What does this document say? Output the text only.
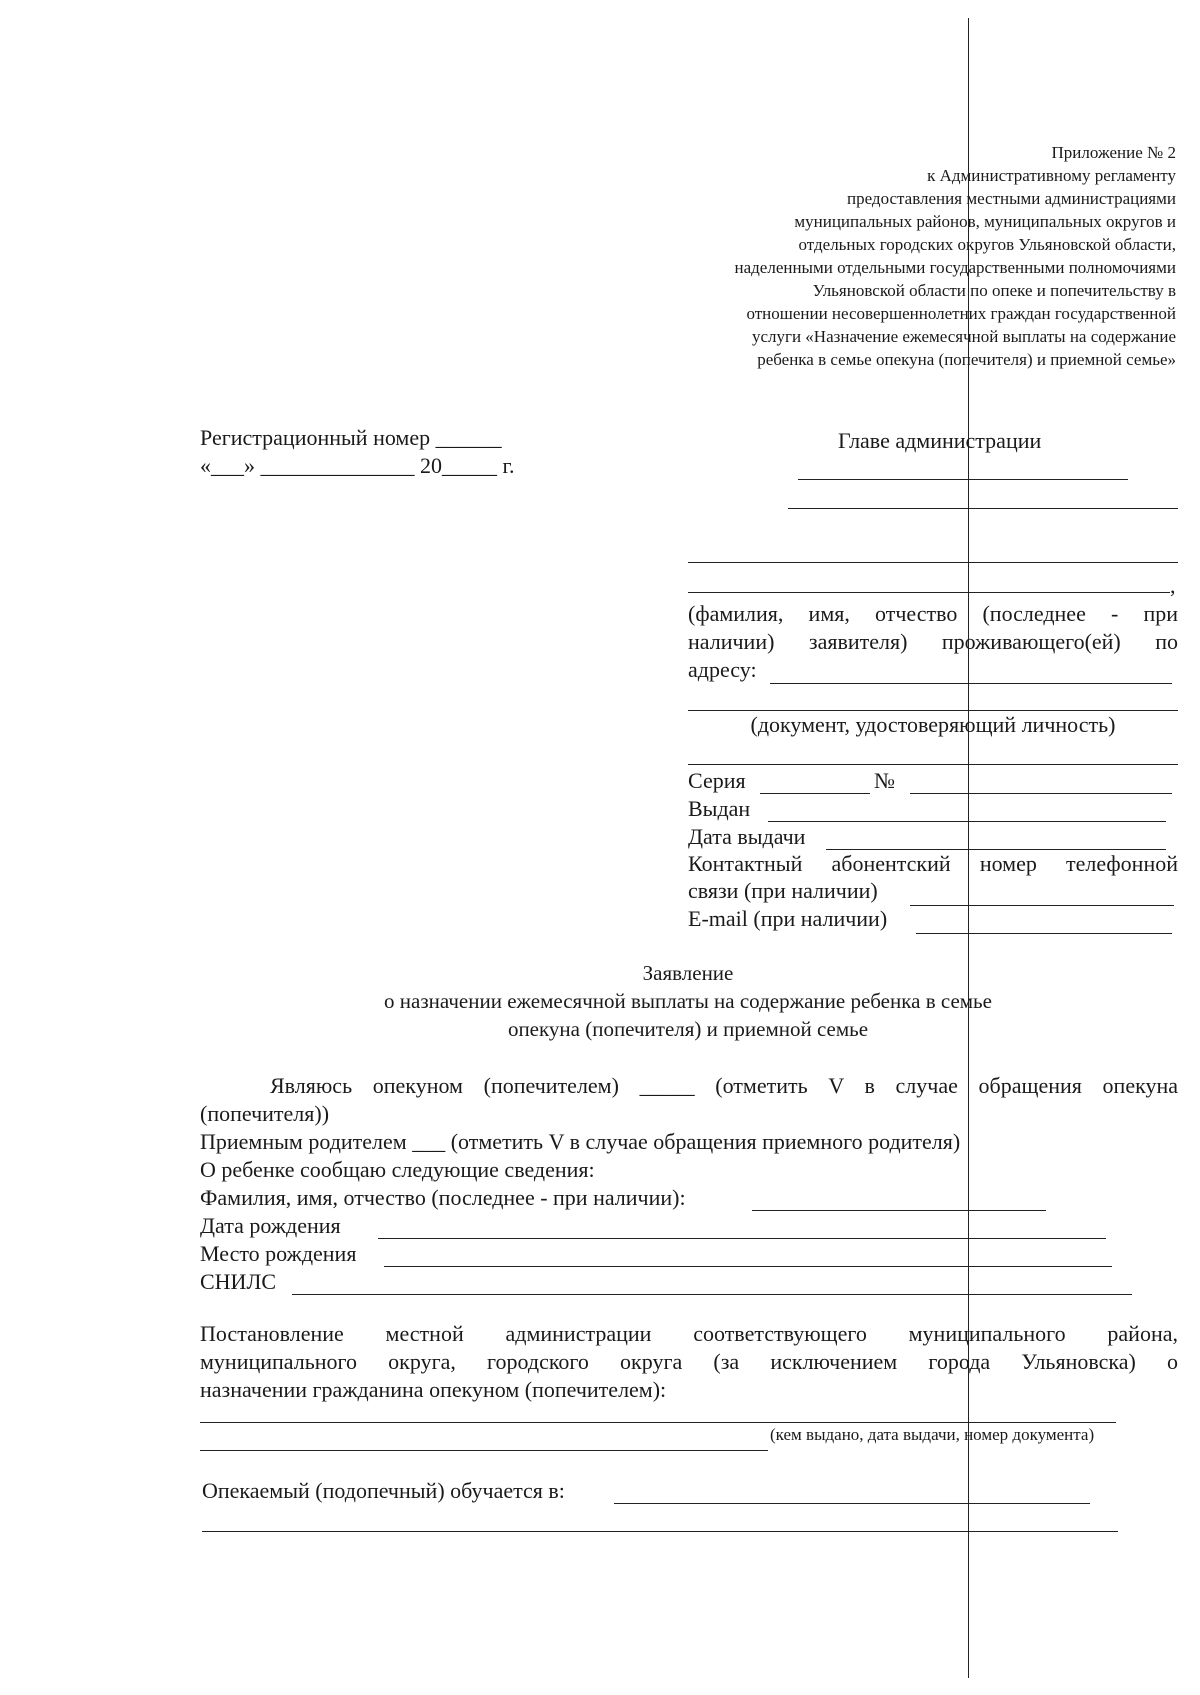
Приложение № 2
к Административному регламенту
предоставления местными администрациями
муниципальных районов, муниципальных округов и
отдельных городских округов Ульяновской области,
наделенными отдельными государственными полномочиями
Ульяновской области по опеке и попечительству в
отношении несовершеннолетних граждан государственной
услуги «Назначение ежемесячной выплаты на содержание
ребенка в семье опекуна (попечителя) и приемной семье»
Регистрационный номер ______
«___» ______________ 20_____ г.
Главе администрации
,
(фамилия, имя, отчество (последнее - при
наличии) заявителя) проживающего(ей) по
адресу:
(документ, удостоверяющий личность)
Серия	№
Выдан
Дата выдачи
Контактный абонентский номер телефонной
связи (при наличии)
E-mail (при наличии)
Заявление
о назначении ежемесячной выплаты на содержание ребенка в семье
опекуна (попечителя) и приемной семье
Являюсь опекуном (попечителем) _____ (отметить V в случае обращения опекуна
(попечителя))
Приемным родителем ___ (отметить V в случае обращения приемного родителя)
О ребенке сообщаю следующие сведения:
Фамилия, имя, отчество (последнее - при наличии):
Дата рождения
Место рождения
СНИЛС
Постановление местной администрации соответствующего муниципального района,
муниципального округа, городского округа (за исключением города Ульяновска) о
назначении гражданина опекуном (попечителем):
(кем выдано, дата выдачи, номер документа)
Опекаемый (подопечный) обучается в:
